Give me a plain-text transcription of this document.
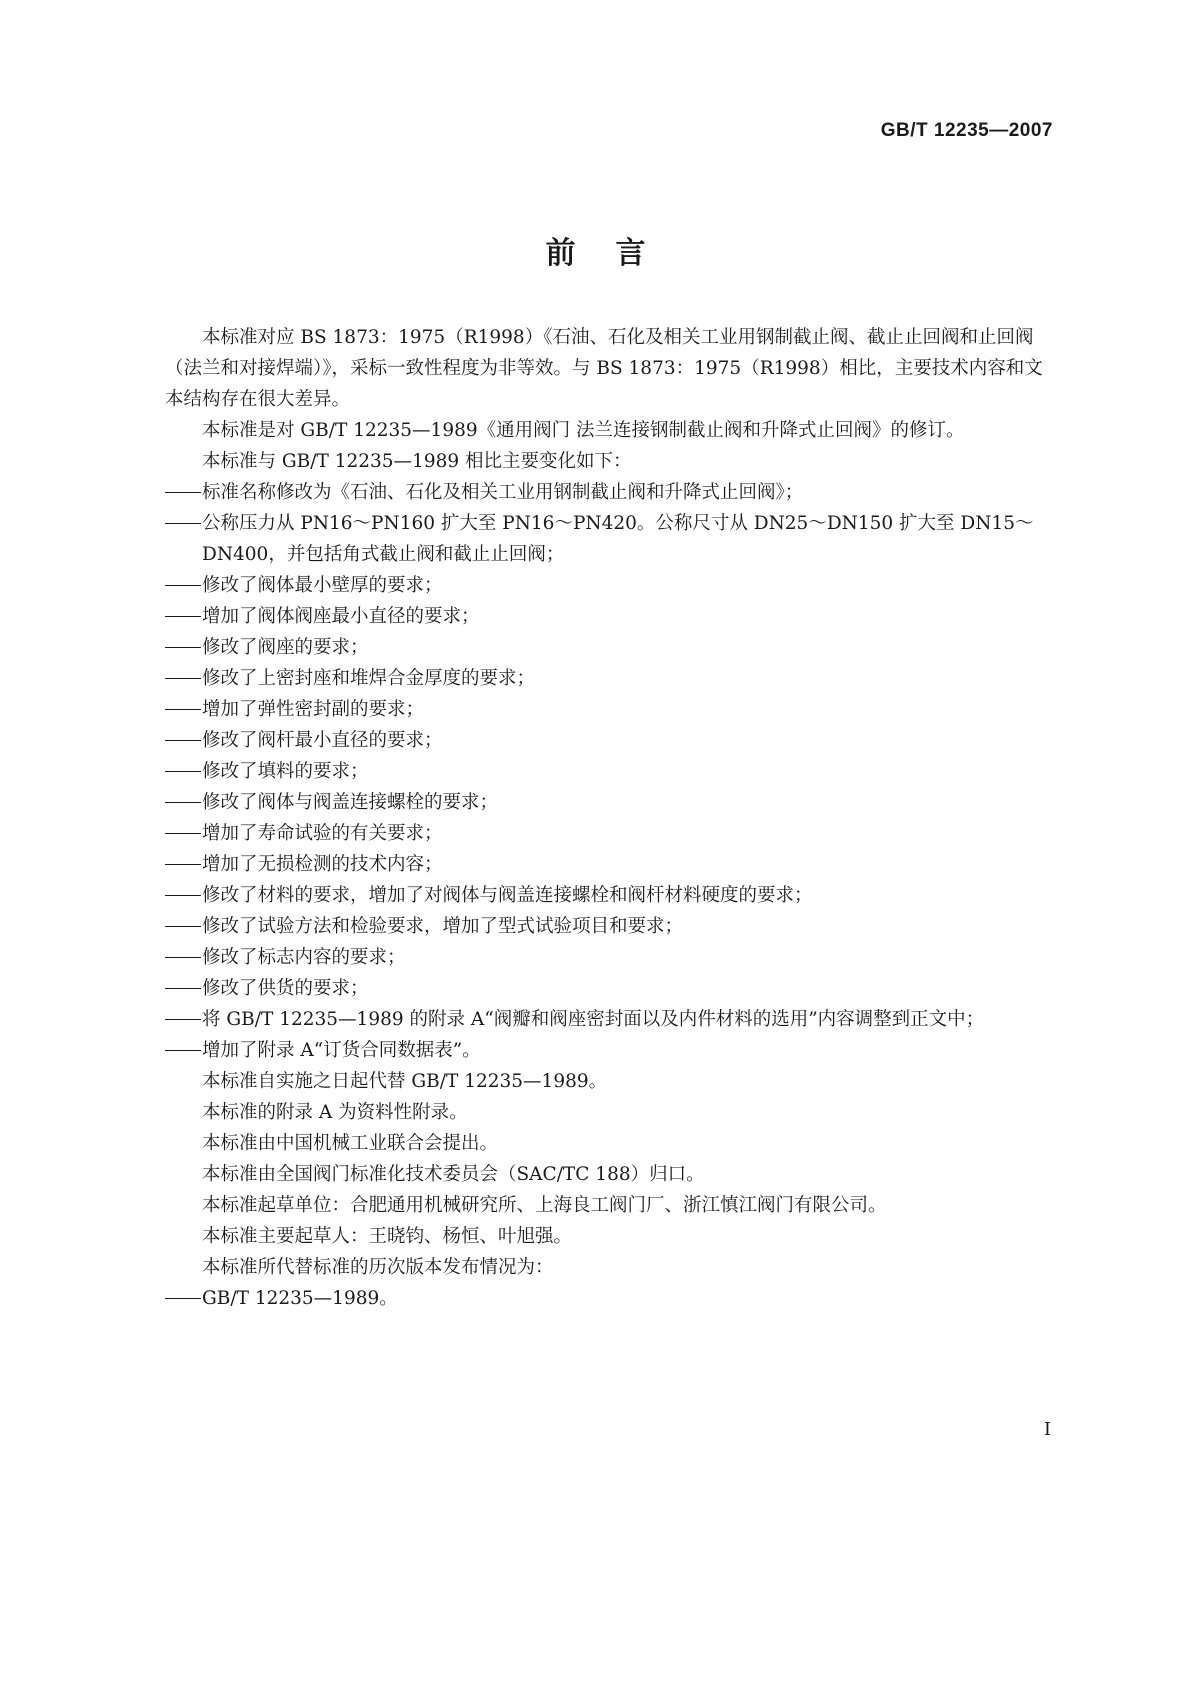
GB/T 12235—2007
前言

本标准对应 BS 1873：1975（R1998）《石油、石化及相关工业用钢制截止阀、截止止回阀和止回阀（法兰和对接焊端）》，采标一致性程度为非等效。与 BS 1873：1975（R1998）相比，主要技术内容和文本结构存在很大差异。

本标准是对 GB/T 12235—1989《通用阀门 法兰连接钢制截止阀和升降式止回阀》的修订。

本标准与 GB/T 12235—1989 相比主要变化如下：

标准名称修改为《石油、石化及相关工业用钢制截止阀和升降式止回阀》；
公称压力从 PN16～PN160 扩大至 PN16～PN420。公称尺寸从 DN25～DN150 扩大至 DN15～DN400，并包括角式截止阀和截止止回阀；
修改了阀体最小壁厚的要求；
增加了阀体阀座最小直径的要求；
修改了阀座的要求；
修改了上密封座和堆焊合金厚度的要求；
增加了弹性密封副的要求；
修改了阀杆最小直径的要求；
修改了填料的要求；
修改了阀体与阀盖连接螺栓的要求；
增加了寿命试验的有关要求；
增加了无损检测的技术内容；
修改了材料的要求，增加了对阀体与阀盖连接螺栓和阀杆材料硬度的要求；
修改了试验方法和检验要求，增加了型式试验项目和要求；
修改了标志内容的要求；
修改了供货的要求；
将 GB/T 12235—1989 的附录 A“阀瓣和阀座密封面以及内件材料的选用”内容调整到正文中；
增加了附录 A“订货合同数据表”。

本标准自实施之日起代替 GB/T 12235—1989。

本标准的附录 A 为资料性附录。

本标准由中国机械工业联合会提出。

本标准由全国阀门标准化技术委员会（SAC/TC 188）归口。

本标准起草单位：合肥通用机械研究所、上海良工阀门厂、浙江慎江阀门有限公司。

本标准主要起草人：王晓钧、杨恒、叶旭强。

本标准所代替标准的历次版本发布情况为：

GB/T 12235—1989。
I
